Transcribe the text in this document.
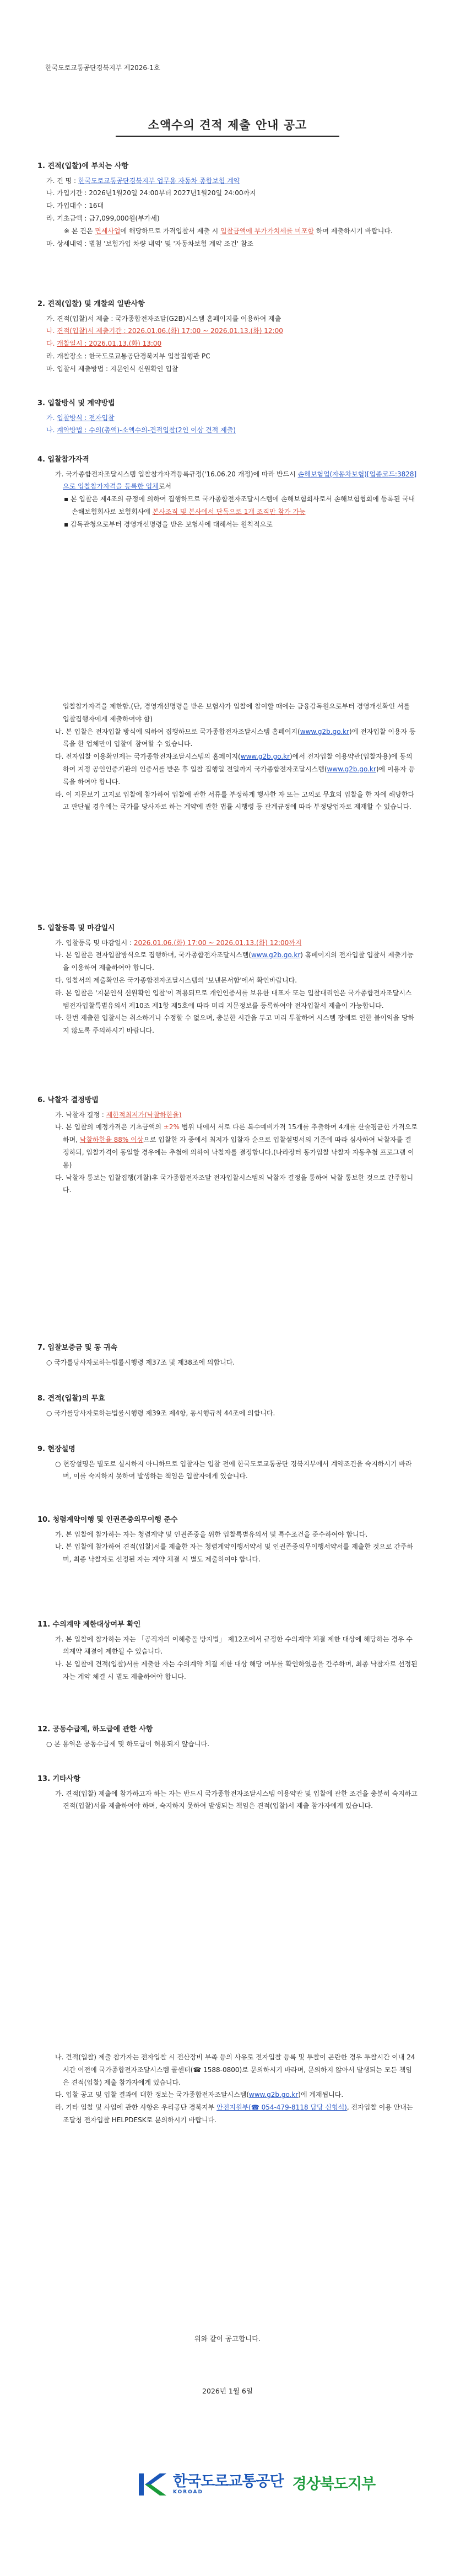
한국도로교통공단경북지부 제2026-1호
소액수의 견적 제출 안내 공고
1. 견적(입찰)에 부치는 사항
가. 건 명 : 한국도로교통공단경북지부 업무용 자동차 종합보험 계약
나. 가입기간 : 2026년1월20일 24:00부터 2027년1월20일 24:00까지
다. 가입대수 : 16대
라. 기초금액 : 금7,099,000원(부가세)
※ 본 건은 면세사업에 해당하므로 가격입찰서 제출 시 입찰금액에 부가가치세를 미포함 하여 제출하시기 바랍니다.
마. 상세내역 : 별첨 '보험가입 차량 내역' 및 '자동차보험 계약 조건' 참조
2. 견적(입찰) 및 개찰의 일반사항
가. 견적(입찰)서 제출 : 국가종합전자조달(G2B)시스템 홈페이지를 이용하여 제출
나. 견적(입찰)서 제출기간 : 2026.01.06.(화) 17:00 ~ 2026.01.13.(화) 12:00
다. 개찰일시 : 2026.01.13.(화) 13:00
라. 개찰장소 : 한국도로교통공단경북지부 입찰집행관 PC
마. 입찰서 제출방법 : 지문인식 신원확인 입찰
3. 입찰방식 및 계약방법
가. 입찰방식 : 전자입찰
나. 계약방법 : 수의(총액)-소액수의-견적입찰(2인 이상 견적 제출)
4. 입찰참가자격
가. 국가종합전자조달시스템 입찰참가자격등록규정('16.06.20 개정)에 따라 반드시 손해보험업(자동차보험)[업종코드:3828] 으로 입찰참가자격을 등록한 업체로서
▪ 본 입찰은 제4조의 규정에 의하여 집행하므로 국가종합전자조달시스템에 손해보험회사로서 손해보험협회에 등록된 국내손해보험회사로 보험회사에 본사조직 및 본사에서 단독으로 1개 조직만 참가 가능
▪ 감독관청으로부터 경영개선명령을 받은 보험사에 대해서는 원칙적으로
입찰참가자격을 제한함.(단, 경영개선명령을 받은 보험사가 입찰에 참여할 때에는 금융감독원으로부터 경영개선확인 서를 입찰집행자에게 제출하여야 함)
나. 본 입찰은 전자입찰 방식에 의하여 집행하므로 국가종합전자조달시스템 홈페이지(www.g2b.go.kr)에 전자입찰 이용자 등록을 한 업체만이 입찰에 참여할 수 있습니다.
다. 전자입찰 이용확인제는 국가종합전자조달시스템의 홈페이지(www.g2b.go.kr)에서 전자입찰 이용약관(입찰자용)에 동의하여 지정 공인인증기관의 인증서를 받은 후 입찰 집행일 전일까지 국가종합전자조달시스템(www.g2b.go.kr)에 이용자 등록을 하여야 합니다.
라. 이 지문보기 고지로 입찰에 참가하여 입찰에 관한 서류를 부정하게 행사한 자 또는 고의로 무효의 입찰을 한 자에 해당한다고 판단될 경우에는 국가를 당사자로 하는 계약에 관한 법률 시행령 등 관계규정에 따라 부정당업자로 제재할 수 있습니다.
5. 입찰등록 및 마감일시
가. 입찰등록 및 마감일시 : 2026.01.06.(화) 17:00 ~ 2026.01.13.(화) 12:00까지
나. 본 입찰은 전자입찰방식으로 집행하며, 국가종합전자조달시스템(www.g2b.go.kr) 홈페이지의 전자입찰 입찰서 제출기능을 이용하여 제출하여야 합니다.
다. 입찰서의 제출확인은 국가종합전자조달시스템의 '보낸문서함'에서 확인바랍니다.
라. 본 입찰은 '지문인식 신원확인 입찰'이 적용되므로 개인인증서를 보유한 대표자 또는 입찰대리인은 국가종합전자조달시스템전자입찰특별유의서 제10조 제1항 제5호에 따라 미리 지문정보를 등록하여야 전자입찰서 제출이 가능합니다.
마. 한번 제출한 입찰서는 취소하거나 수정할 수 없으며, 충분한 시간을 두고 미리 투찰하여 시스템 장애로 인한 불이익을 당하지 않도록 주의하시기 바랍니다.
6. 낙찰자 결정방법
가. 낙찰자 결정 : 제한적최저가(낙찰하한율)
나. 본 입찰의 예정가격은 기초금액의 ±2% 범위 내에서 서로 다른 복수예비가격 15개를 추출하여 4개를 산술평균한 가격으로 하며, 낙찰하한율 88% 이상으로 입찰한 자 중에서 최저가 입찰자 순으로 입찰설명서의 기준에 따라 심사하여 낙찰자를 결정하되, 입찰가격이 동일할 경우에는 추첨에 의하여 낙찰자를 결정합니다.(나라장터 동가입찰 낙찰자 자동추첨 프로그램 이용)
다. 낙찰자 통보는 입찰집행(개찰)후 국가종합전자조달 전자입찰시스템의 낙찰자 결정을 통하여 낙찰 통보한 것으로 간주합니다.
7. 입찰보증금 및 동 귀속
○ 국가를당사자로하는법률시행령 제37조 및 제38조에 의합니다.
8. 견적(입찰)의 무효
○ 국가를당사자로하는법률시행령 제39조 제4항, 동시행규칙 44조에 의합니다.
9. 현장설명
○ 현장설명은 별도로 실시하지 아니하므로 입찰자는 입찰 전에 한국도로교통공단 경북지부에서 계약조건을 숙지하시기 바라며, 이를 숙지하지 못하여 발생하는 책임은 입찰자에게 있습니다.
10. 청렴계약이행 및 인권존중의무이행 준수
가. 본 입찰에 참가하는 자는 청렴계약 및 인권존중을 위한 입찰특별유의서 및 특수조건을 준수하여야 합니다.
나. 본 입찰에 참가하여 견적(입찰)서를 제출한 자는 청렴계약이행서약서 및 인권존중의무이행서약서를 제출한 것으로 간주하며, 최종 낙찰자로 선정된 자는 계약 체결 시 별도 제출하여야 합니다.
11. 수의계약 제한대상여부 확인
가. 본 입찰에 참가하는 자는 「공직자의 이해충돌 방지법」 제12조에서 규정한 수의계약 체결 제한 대상에 해당하는 경우 수의계약 체결이 제한될 수 있습니다.
나. 본 입찰에 견적(입찰)서를 제출한 자는 수의계약 체결 제한 대상 해당 여부를 확인하였음을 간주하며, 최종 낙찰자로 선정된 자는 계약 체결 시 별도 제출하여야 합니다.
12. 공동수급제, 하도급에 관한 사항
○ 본 용역은 공동수급제 및 하도급이 허용되지 않습니다.
13. 기타사항
가. 견적(입찰) 제출에 참가하고자 하는 자는 반드시 국가종합전자조달시스템 이용약관 및 입찰에 관한 조건을 충분히 숙지하고 견적(입찰)서를 제출하여야 하며, 숙지하지 못하여 발생되는 책임은 견적(입찰)서 제출 참가자에게 있습니다.
나. 견적(입찰) 제출 참가자는 전자입찰 시 전산장비 부족 등의 사유로 전자입찰 등록 및 투찰이 곤란한 경우 투찰시간 이내 24시간 이전에 국가종합전자조달시스템 콜센터(☎ 1588-0800)로 문의하시기 바라며, 문의하지 않아서 발생되는 모든 책임은 견적(입찰) 제출 참가자에게 있습니다.
다. 입찰 공고 및 입찰 결과에 대한 정보는 국가종합전자조달시스템(www.g2b.go.kr)에 게재됩니다.
라. 기타 입찰 및 사업에 관한 사항은 우리공단 경북지부 안전지원부(☎ 054-479-8118 담당 신형석), 전자입찰 이용 안내는 조달청 전자입찰 HELPDESK로 문의하시기 바랍니다.
위와 같이 공고합니다.
2026년 1월 6일
한국도로교통공단
KOROAD	경상북도지부
